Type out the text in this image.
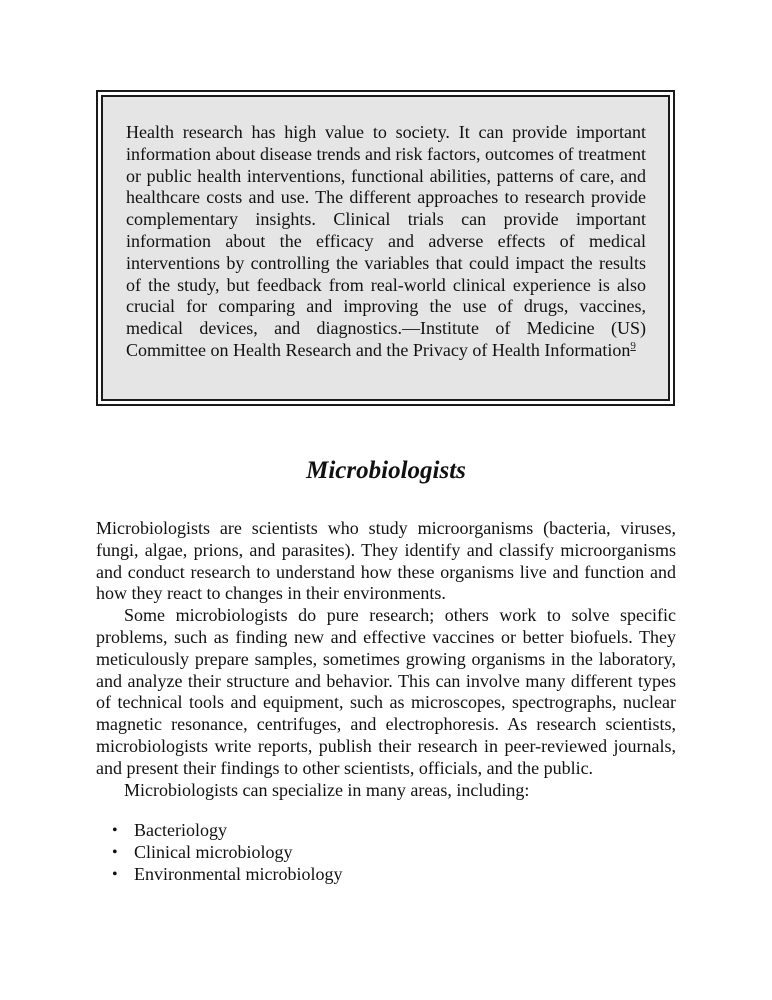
Health research has high value to society. It can provide important information about disease trends and risk factors, outcomes of treatment or public health interventions, functional abilities, patterns of care, and healthcare costs and use. The different approaches to research provide complementary insights. Clinical trials can provide important information about the efficacy and adverse effects of medical interventions by controlling the variables that could impact the results of the study, but feedback from real-world clinical experience is also crucial for comparing and improving the use of drugs, vaccines, medical devices, and diagnostics.—Institute of Medicine (US) Committee on Health Research and the Privacy of Health Information$^9$

Microbiologists

Microbiologists are scientists who study microorganisms (bacteria, viruses, fungi, algae, prions, and parasites). They identify and classify microorganisms and conduct research to understand how these organisms live and function and how they react to changes in their environments.

Some microbiologists do pure research; others work to solve specific problems, such as finding new and effective vaccines or better biofuels. They meticulously prepare samples, sometimes growing organisms in the laboratory, and analyze their structure and behavior. This can involve many different types of technical tools and equipment, such as microscopes, spectrographs, nuclear magnetic resonance, centrifuges, and electrophoresis. As research scientists, microbiologists write reports, publish their research in peer-reviewed journals, and present their findings to other scientists, officials, and the public.

Microbiologists can specialize in many areas, including:

• Bacteriology
• Clinical microbiology
• Environmental microbiology
